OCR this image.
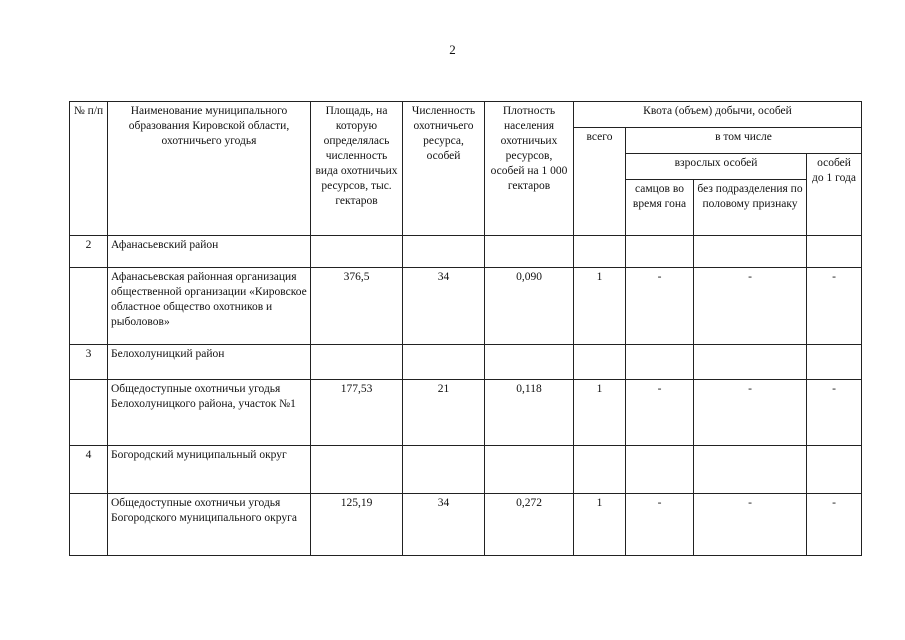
2
№ п/п	Наименование муниципального образования Кировской области, охотничьего угодья	Площадь, на которую определялась численность вида охотничьих ресурсов, тыс. гектаров	Численность охотничьего ресурса, особей	Плотность населения охотничьих ресурсов, особей на 1 000 гектаров	Квота (объем) добычи, особей			
					всего	в том числе		
						взрослых особей		особей до 1 года
						самцов во время гона	без подразделения по половому признаку	
2	Афанасьевский район							
	Афанасьевская районная организация общественной организации «Кировское областное общество охотников и рыболовов»	376,5	34	0,090	1	-	-	-
3	Белохолуницкий район							
	Общедоступные охотничьи угодья Белохолуницкого района, участок №1	177,53	21	0,118	1	-	-	-
4	Богородский муниципальный округ							
	Общедоступные охотничьи угодья Богородского муниципального округа	125,19	34	0,272	1	-	-	-
